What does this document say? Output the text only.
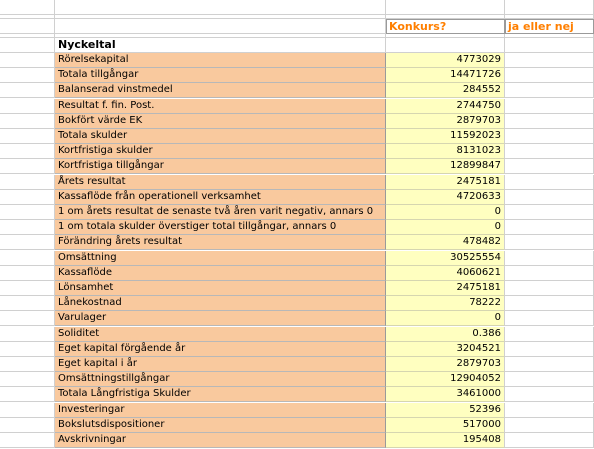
Konkurs?	ja eller nej
Nyckeltal
Rörelsekapital	4773029
Totala tillgångar	14471726
Balanserad vinstmedel	284552
Resultat f. fin. Post.	2744750
Bokfört värde EK	2879703
Totala skulder	11592023
Kortfristiga skulder	8131023
Kortfristiga tillgångar	12899847
Årets resultat	2475181
Kassaflöde från operationell verksamhet	4720633
1 om årets resultat de senaste två åren varit negativ, annars 0	0
1 om totala skulder överstiger total tillgångar, annars 0	0
Förändring årets resultat	478482
Omsättning	30525554
Kassaflöde	4060621
Lönsamhet	2475181
Lånekostnad	78222
Varulager	0
Soliditet	0.386
Eget kapital förgående år	3204521
Eget kapital i år	2879703
Omsättningstillgångar	12904052
Totala Långfristiga Skulder	3461000
Investeringar	52396
Bokslutsdispositioner	517000
Avskrivningar	195408
